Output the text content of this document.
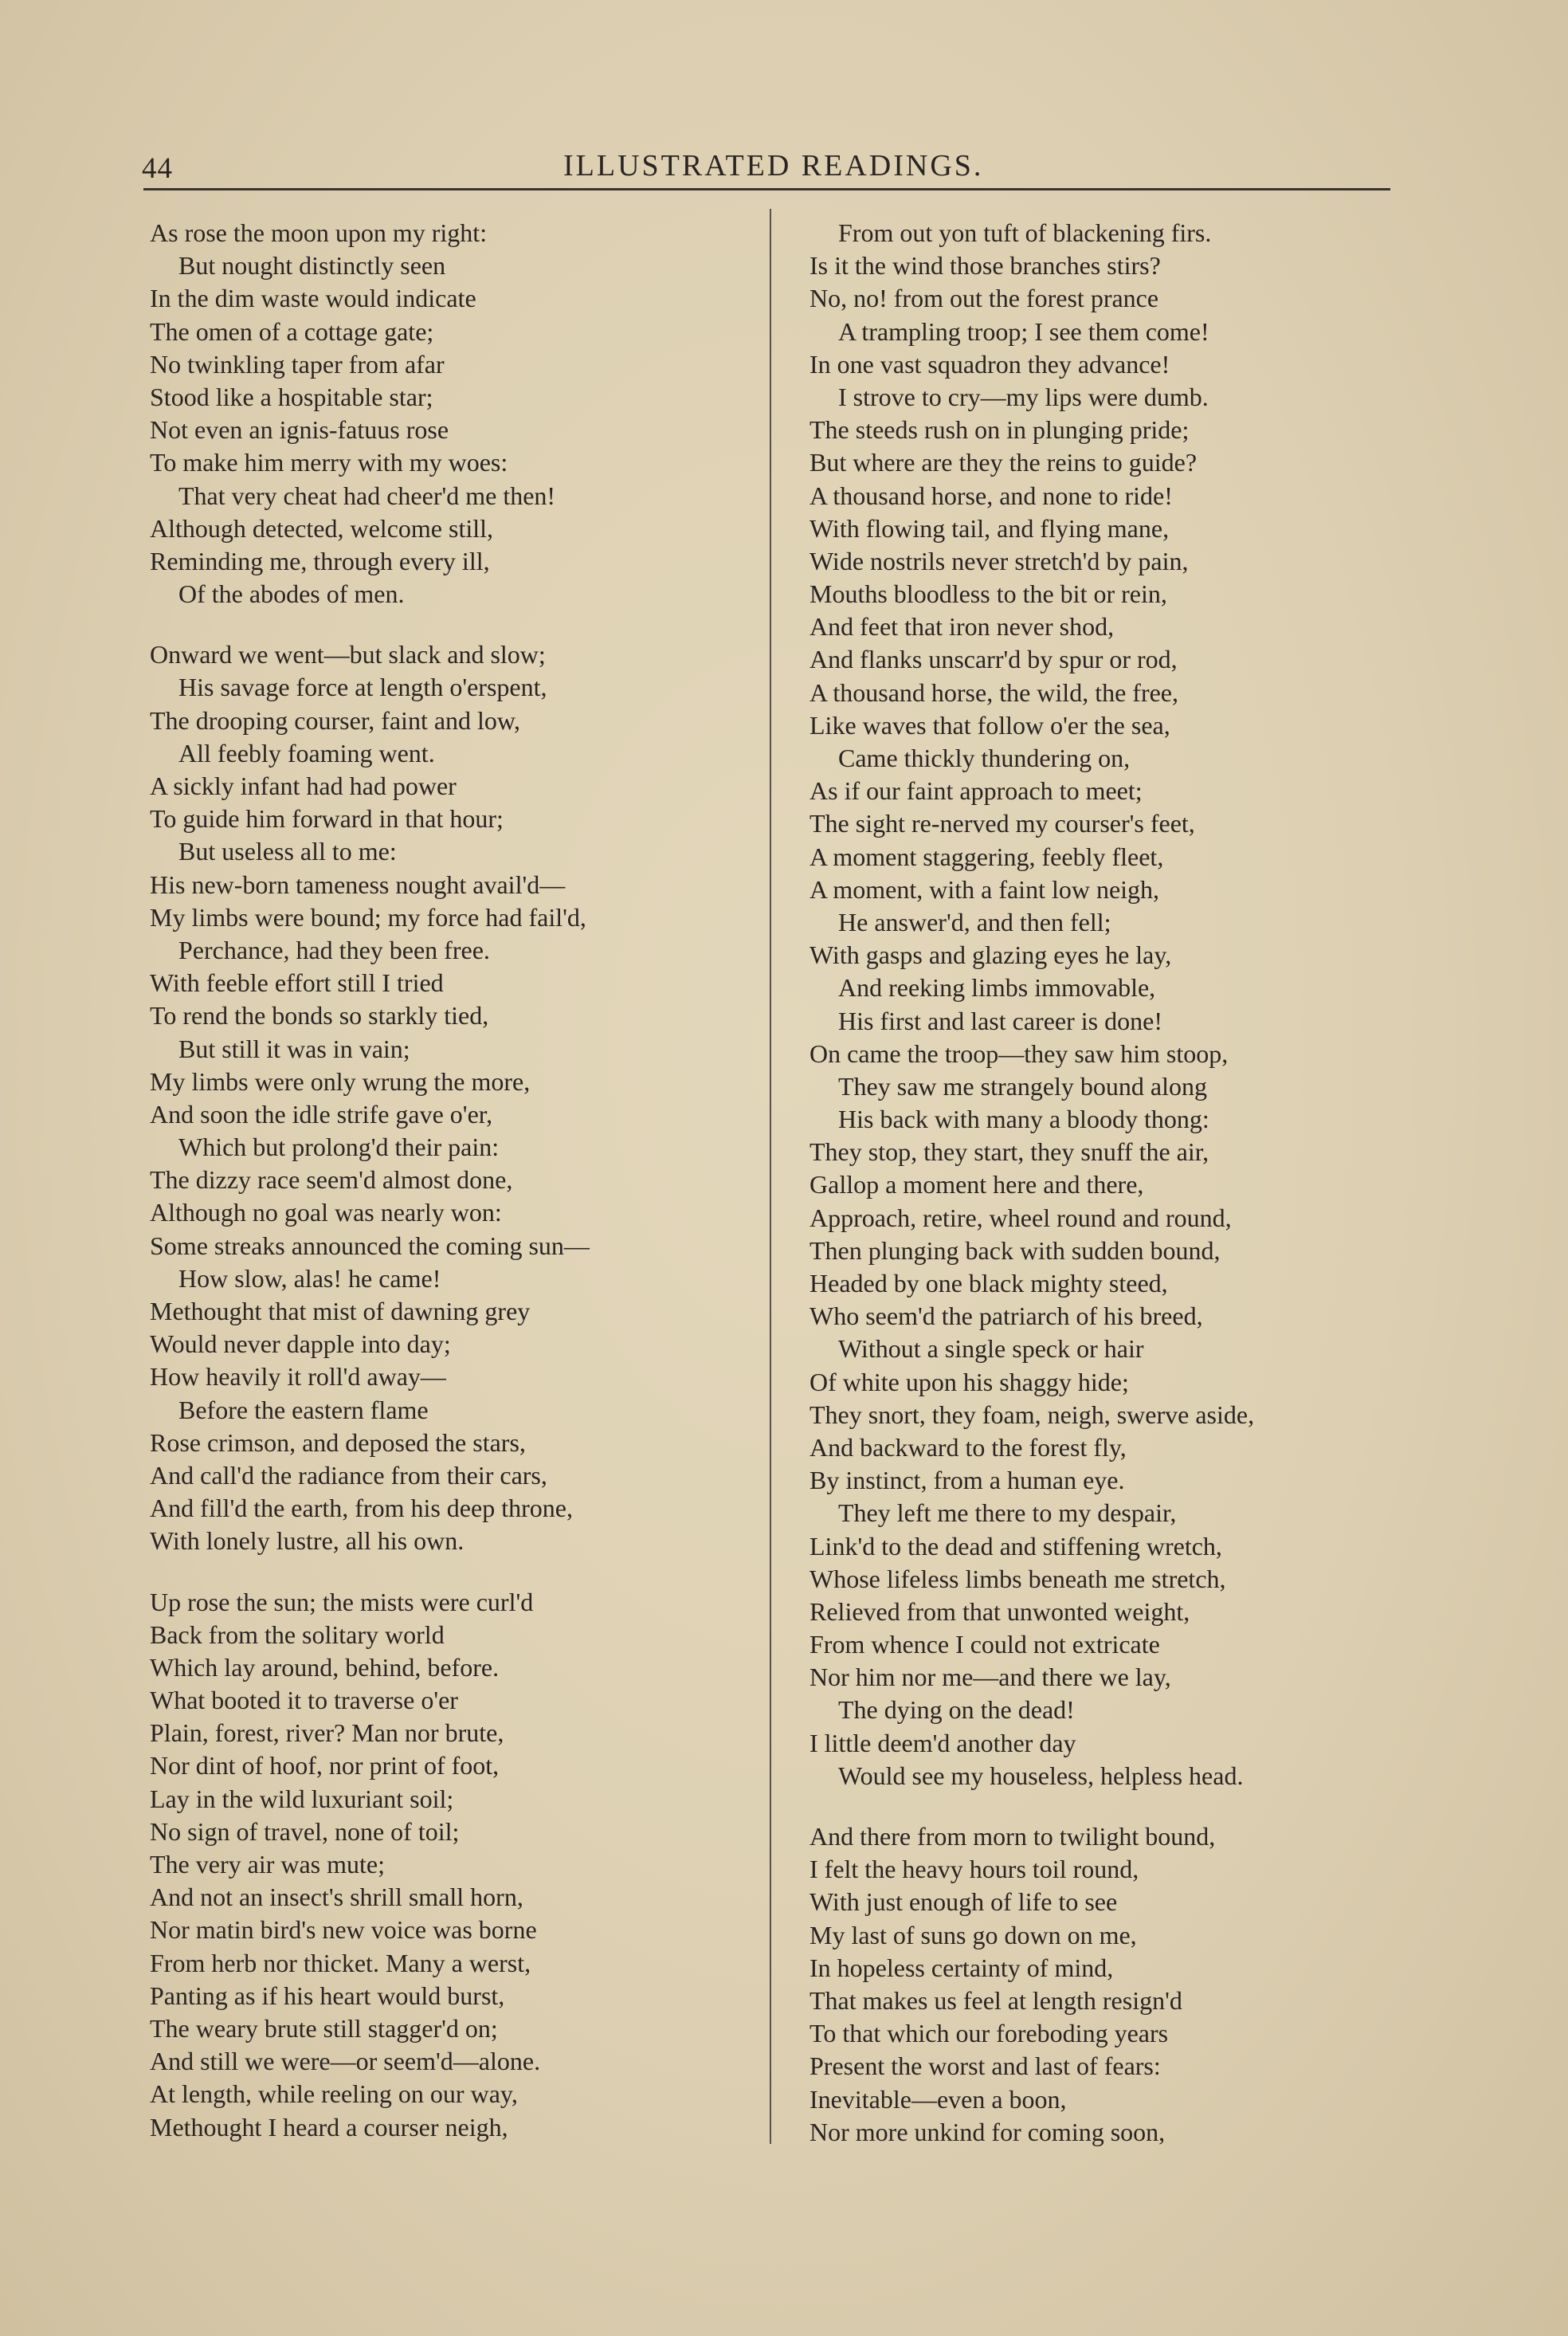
44	ILLUSTRATED READINGS.
As rose the moon upon my right:
But nought distinctly seen
In the dim waste would indicate
The omen of a cottage gate;
No twinkling taper from afar
Stood like a hospitable star;
Not even an ignis-fatuus rose
To make him merry with my woes:
That very cheat had cheer'd me then!
Although detected, welcome still,
Reminding me, through every ill,
Of the abodes of men.
Onward we went—but slack and slow;
His savage force at length o'erspent,
The drooping courser, faint and low,
All feebly foaming went.
A sickly infant had had power
To guide him forward in that hour;
But useless all to me:
His new-born tameness nought avail'd—
My limbs were bound; my force had fail'd,
Perchance, had they been free.
With feeble effort still I tried
To rend the bonds so starkly tied,
But still it was in vain;
My limbs were only wrung the more,
And soon the idle strife gave o'er,
Which but prolong'd their pain:
The dizzy race seem'd almost done,
Although no goal was nearly won:
Some streaks announced the coming sun—
How slow, alas! he came!
Methought that mist of dawning grey
Would never dapple into day;
How heavily it roll'd away—
Before the eastern flame
Rose crimson, and deposed the stars,
And call'd the radiance from their cars,
And fill'd the earth, from his deep throne,
With lonely lustre, all his own.
Up rose the sun; the mists were curl'd
Back from the solitary world
Which lay around, behind, before.
What booted it to traverse o'er
Plain, forest, river? Man nor brute,
Nor dint of hoof, nor print of foot,
Lay in the wild luxuriant soil;
No sign of travel, none of toil;
The very air was mute;
And not an insect's shrill small horn,
Nor matin bird's new voice was borne
From herb nor thicket. Many a werst,
Panting as if his heart would burst,
The weary brute still stagger'd on;
And still we were—or seem'd—alone.
At length, while reeling on our way,
Methought I heard a courser neigh,
From out yon tuft of blackening firs.
Is it the wind those branches stirs?
No, no! from out the forest prance
A trampling troop; I see them come!
In one vast squadron they advance!
I strove to cry—my lips were dumb.
The steeds rush on in plunging pride;
But where are they the reins to guide?
A thousand horse, and none to ride!
With flowing tail, and flying mane,
Wide nostrils never stretch'd by pain,
Mouths bloodless to the bit or rein,
And feet that iron never shod,
And flanks unscarr'd by spur or rod,
A thousand horse, the wild, the free,
Like waves that follow o'er the sea,
Came thickly thundering on,
As if our faint approach to meet;
The sight re-nerved my courser's feet,
A moment staggering, feebly fleet,
A moment, with a faint low neigh,
He answer'd, and then fell;
With gasps and glazing eyes he lay,
And reeking limbs immovable,
His first and last career is done!
On came the troop—they saw him stoop,
They saw me strangely bound along
His back with many a bloody thong:
They stop, they start, they snuff the air,
Gallop a moment here and there,
Approach, retire, wheel round and round,
Then plunging back with sudden bound,
Headed by one black mighty steed,
Who seem'd the patriarch of his breed,
Without a single speck or hair
Of white upon his shaggy hide;
They snort, they foam, neigh, swerve aside,
And backward to the forest fly,
By instinct, from a human eye.
They left me there to my despair,
Link'd to the dead and stiffening wretch,
Whose lifeless limbs beneath me stretch,
Relieved from that unwonted weight,
From whence I could not extricate
Nor him nor me—and there we lay,
The dying on the dead!
I little deem'd another day
Would see my houseless, helpless head.
And there from morn to twilight bound,
I felt the heavy hours toil round,
With just enough of life to see
My last of suns go down on me,
In hopeless certainty of mind,
That makes us feel at length resign'd
To that which our foreboding years
Present the worst and last of fears:
Inevitable—even a boon,
Nor more unkind for coming soon,
